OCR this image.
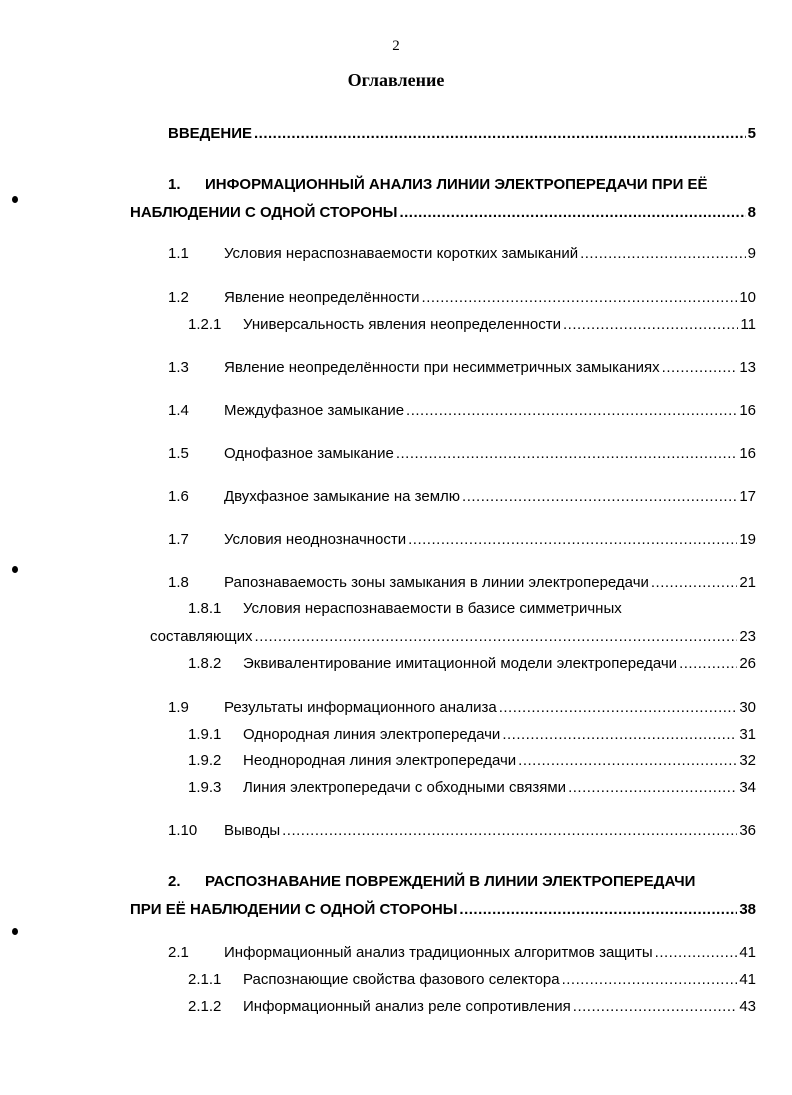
2
Оглавление
ВВЕДЕНИЕ .....	5
1.	ИНФОРМАЦИОННЫЙ АНАЛИЗ ЛИНИИ ЭЛЕКТРОПЕРЕДАЧИ ПРИ ЕЁ
НАБЛЮДЕНИИ С ОДНОЙ СТОРОНЫ .....	8
1.1	Условия нераспознаваемости коротких замыканий .....	9
1.2	Явление неопределённости .....	10
1.2.1	Универсальность явления неопределенности .....	11
1.3	Явление неопределённости при несимметричных замыканиях .....	13
1.4	Междуфазное замыкание .....	16
1.5	Однофазное замыкание .....	16
1.6	Двухфазное замыкание на землю .....	17
1.7	Условия неоднозначности .....	19
1.8	Рапознаваемость зоны замыкания в линии электропередачи .....	21
1.8.1	Условия нераспознаваемости в базисе симметричных
составляющих .....	23
1.8.2	Эквивалентирование имитационной модели электропередачи .....	26
1.9	Результаты информационного анализа .....	30
1.9.1	Однородная линия электропередачи .....	31
1.9.2	Неоднородная линия электропередачи .....	32
1.9.3	Линия электропередачи с обходными связями .....	34
1.10	Выводы .....	36
2.	РАСПОЗНАВАНИЕ ПОВРЕЖДЕНИЙ В ЛИНИИ ЭЛЕКТРОПЕРЕДАЧИ
ПРИ ЕЁ НАБЛЮДЕНИИ С ОДНОЙ СТОРОНЫ .....	38
2.1	Информационный анализ традиционных алгоритмов защиты .....	41
2.1.1	Распознающие свойства фазового селектора .....	41
2.1.2	Информационный анализ реле сопротивления .....	43
